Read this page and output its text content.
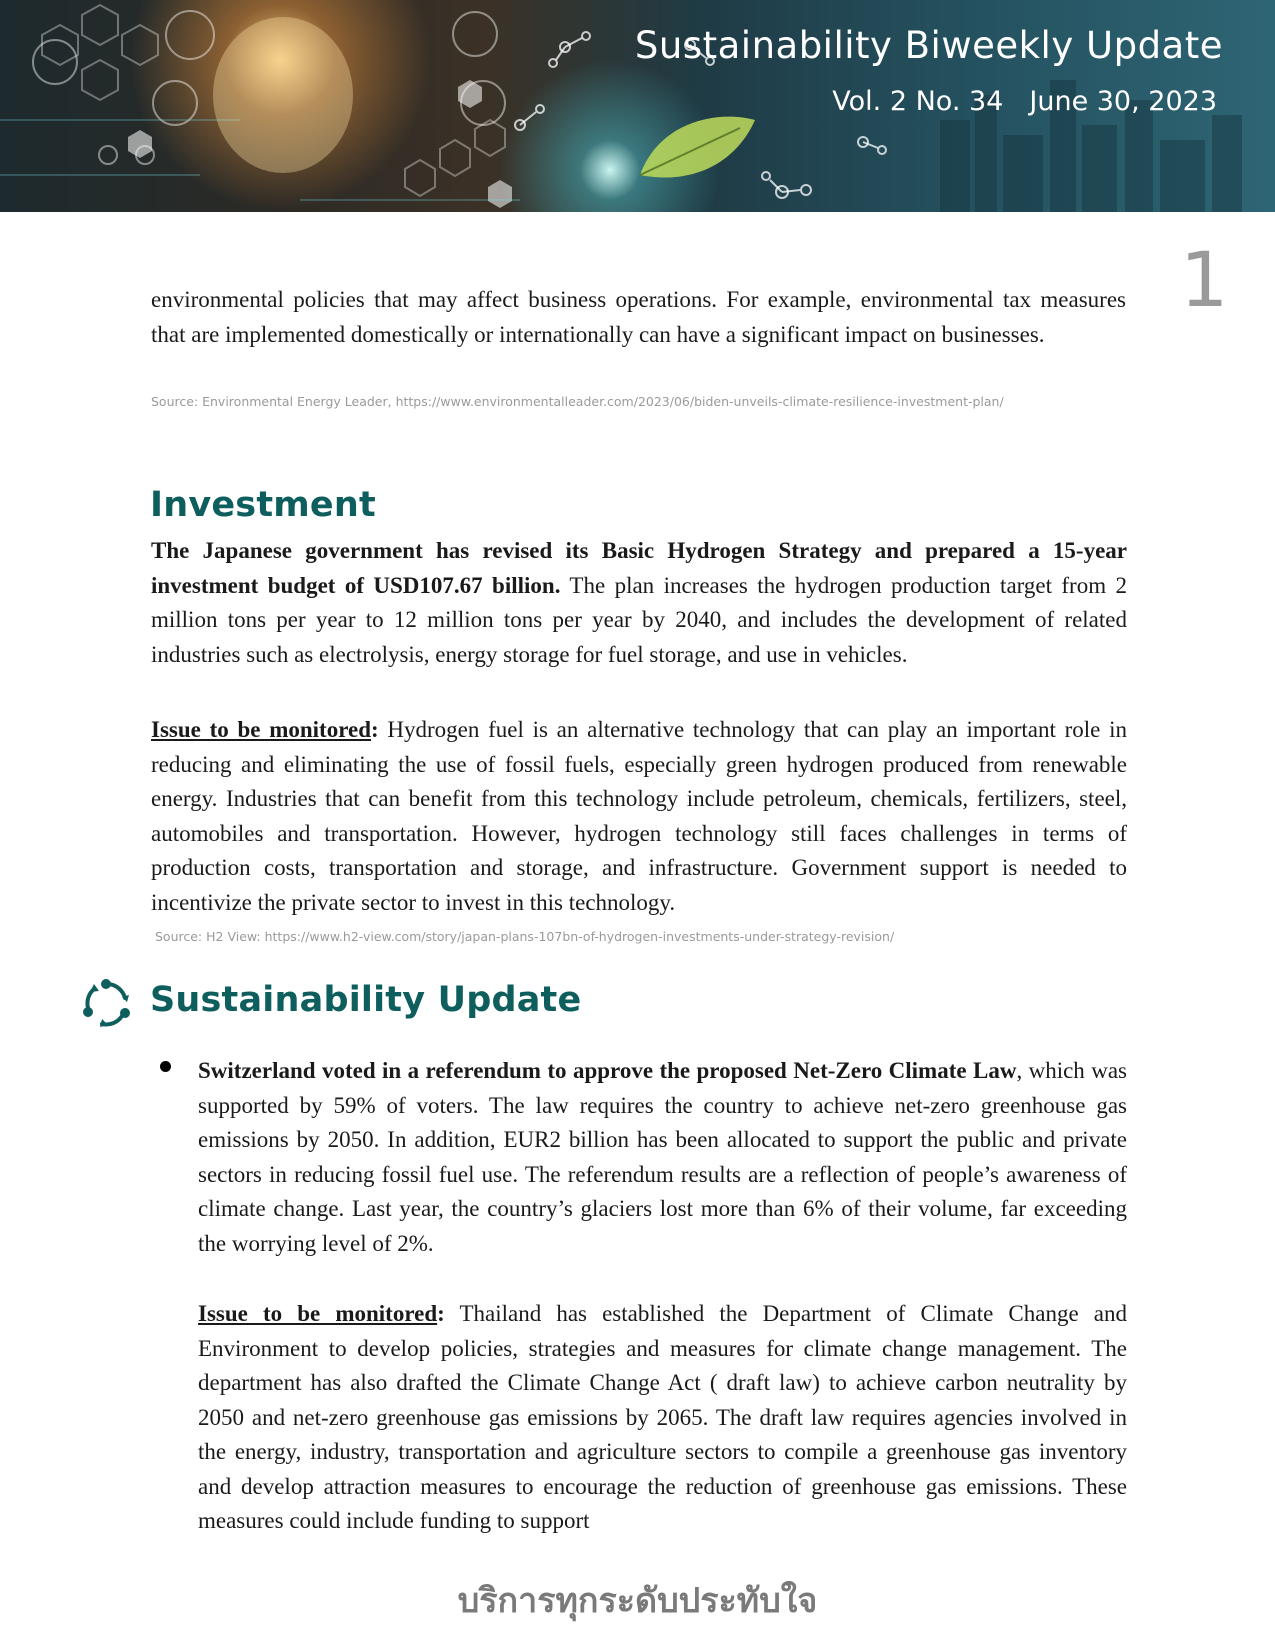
Sustainability Biweekly Update
Vol. 2 No. 34 June 30, 2023
1

environmental policies that may affect business operations. For example, environmental tax measures that are implemented domestically or internationally can have a significant impact on businesses.

Source: Environmental Energy Leader, https://www.environmentalleader.com/2023/06/biden-unveils-climate-resilience-investment-plan/

Investment

The Japanese government has revised its Basic Hydrogen Strategy and prepared a 15-year investment budget of USD107.67 billion. The plan increases the hydrogen production target from 2 million tons per year to 12 million tons per year by 2040, and includes the development of related industries such as electrolysis, energy storage for fuel storage, and use in vehicles.

Issue to be monitored: Hydrogen fuel is an alternative technology that can play an important role in reducing and eliminating the use of fossil fuels, especially green hydrogen produced from renewable energy. Industries that can benefit from this technology include petroleum, chemicals, fertilizers, steel, automobiles and transportation. However, hydrogen technology still faces challenges in terms of production costs, transportation and storage, and infrastructure. Government support is needed to incentivize the private sector to invest in this technology.

Source: H2 View: https://www.h2-view.com/story/japan-plans-107bn-of-hydrogen-investments-under-strategy-revision/

Sustainability Update

Switzerland voted in a referendum to approve the proposed Net-Zero Climate Law, which was supported by 59% of voters. The law requires the country to achieve net-zero greenhouse gas emissions by 2050. In addition, EUR2 billion has been allocated to support the public and private sectors in reducing fossil fuel use. The referendum results are a reflection of people’s awareness of climate change. Last year, the country’s glaciers lost more than 6% of their volume, far exceeding the worrying level of 2%.

Issue to be monitored: Thailand has established the Department of Climate Change and Environment to develop policies, strategies and measures for climate change management. The department has also drafted the Climate Change Act ( draft law) to achieve carbon neutrality by 2050 and net-zero greenhouse gas emissions by 2065. The draft law requires agencies involved in the energy, industry, transportation and agriculture sectors to compile a greenhouse gas inventory and develop attraction measures to encourage the reduction of greenhouse gas emissions. These measures could include funding to support

บริการทุกระดับประทับใจ
